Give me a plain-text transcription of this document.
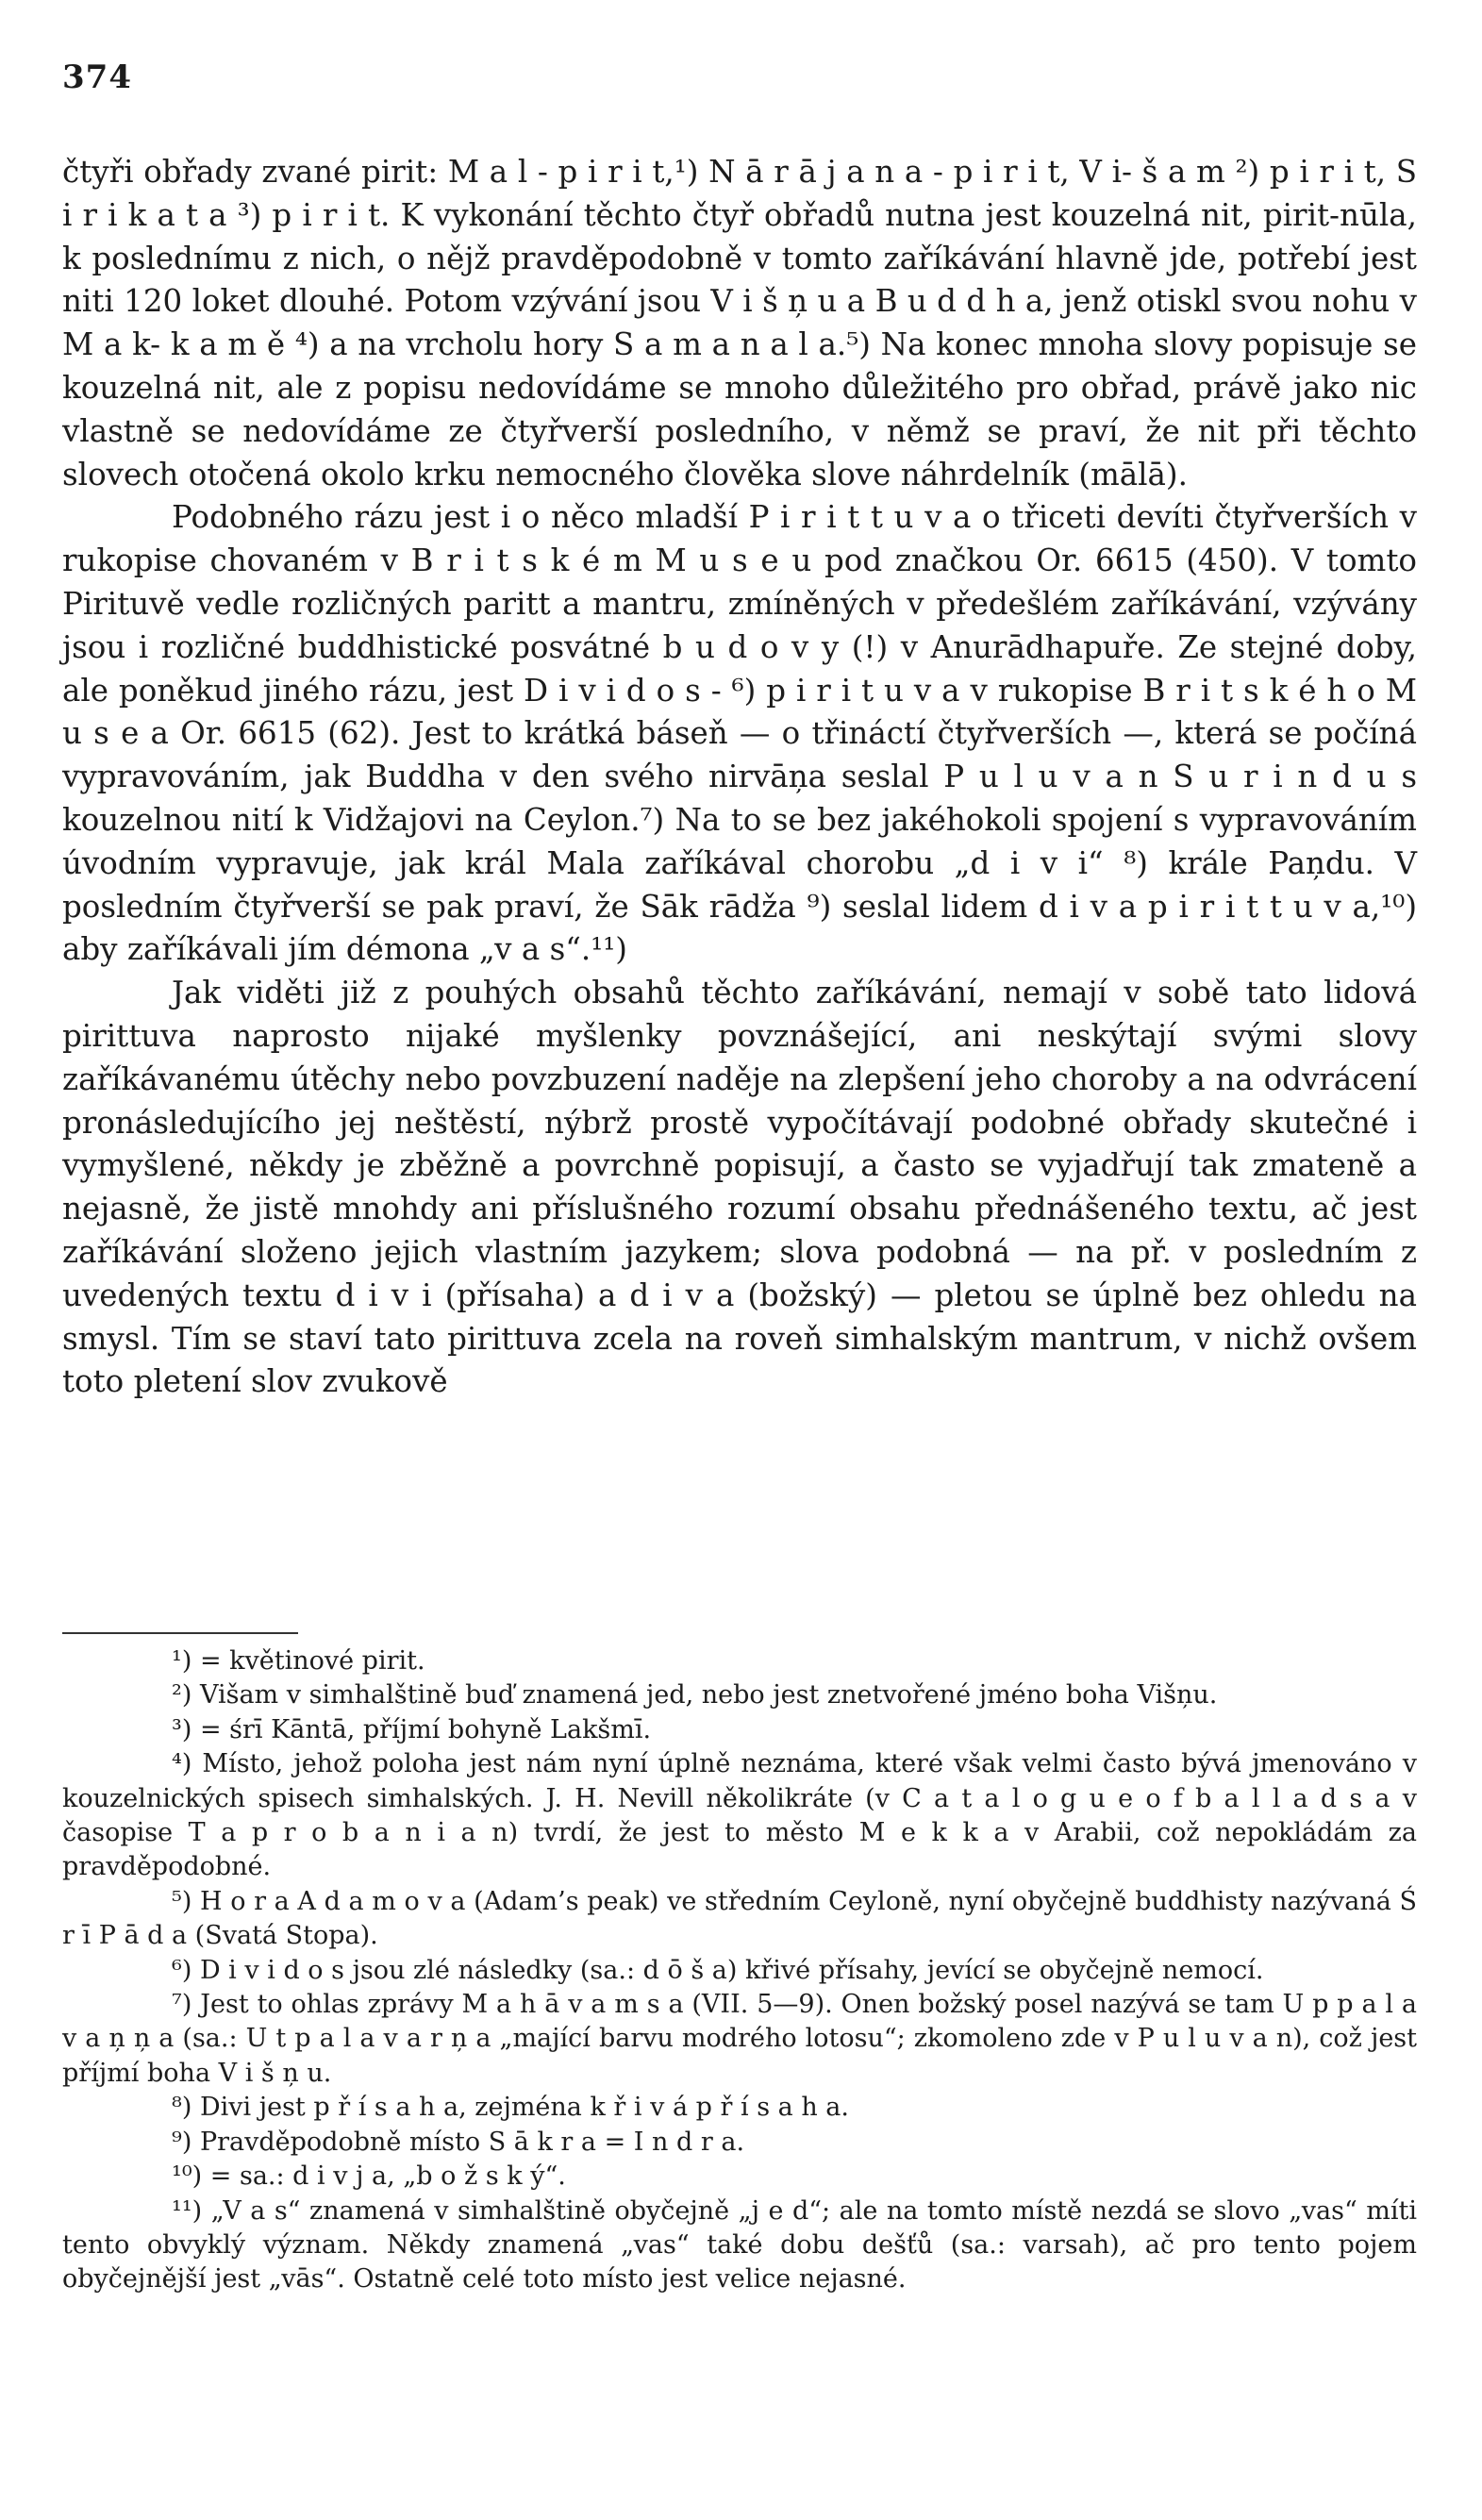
374

čtyři obřady zvané pirit: M a l - p i r i t,¹) N ā r ā j a n a - p i r i t, V i- š a m ²) p i r i t, S i r i k a t a ³) p i r i t. K vykonání těchto čtyř obřadů nutna jest kouzelná nit, pirit-nūla, k poslednímu z nich, o nějž pravděpodobně v tomto zaříkávání hlavně jde, potřebí jest niti 120 loket dlouhé. Potom vzývání jsou V i š ņ u a B u d d h a, jenž otiskl svou nohu v M a k- k a m ě ⁴) a na vrcholu hory S a m a n a l a.⁵) Na konec mnoha slovy popisuje se kouzelná nit, ale z popisu nedovídáme se mnoho důležitého pro obřad, právě jako nic vlastně se nedovídáme ze čtyřverší posledního, v němž se praví, že nit při těchto slovech otočená okolo krku nemocného člověka slove náhrdelník (mālā).

Podobného rázu jest i o něco mladší P i r i t t u v a o třiceti devíti čtyřverších v rukopise chovaném v B r i t s k é m M u s e u pod značkou Or. 6615 (450). V tomto Pirituvě vedle rozličných paritt a mantru, zmíněných v předešlém zaříkávání, vzývány jsou i rozličné buddhistické posvátné b u d o v y (!) v Anurādhapuře. Ze stejné doby, ale poněkud jiného rázu, jest D i v i d o s - ⁶) p i r i t u v a v rukopise B r i t s k é h o M u s e a Or. 6615 (62). Jest to krátká báseň — o třináctí čtyřverších —, která se počíná vypravováním, jak Buddha v den svého nirvāņa seslal P u l u v a n S u r i n d u s kouzelnou nití k Vidžajovi na Ceylon.⁷) Na to se bez jakéhokoli spojení s vypravováním úvodním vypravuje, jak král Mala zaříkával chorobu „d i v i“ ⁸) krále Paņdu. V posledním čtyřverší se pak praví, že Sāk rādža ⁹) seslal lidem d i v a p i r i t t u v a,¹⁰) aby zaříkávali jím démona „v a s“.¹¹)

Jak viděti již z pouhých obsahů těchto zaříkávání, nemají v sobě tato lidová pirittuva naprosto nijaké myšlenky povznášející, ani neskýtají svými slovy zaříkávanému útěchy nebo povzbuzení naděje na zlepšení jeho choroby a na odvrácení pronásledujícího jej neštěstí, nýbrž prostě vypočítávají podobné obřady skutečné i vymyšlené, někdy je zběžně a povrchně popisují, a často se vyjadřují tak zmateně a nejasně, že jistě mnohdy ani příslušného rozumí obsahu přednášeného textu, ač jest zaříkávání složeno jejich vlastním jazykem; slova podobná — na př. v posledním z uvedených textu d i v i (přísaha) a d i v a (božský) — pletou se úplně bez ohledu na smysl. Tím se staví tato pirittuva zcela na roveň simhalským mantrum, v nichž ovšem toto pletení slov zvukově

¹) = květinové pirit.

²) Višam v simhalštině buď znamená jed, nebo jest znetvořené jméno boha Višņu.

³) = śrī Kāntā, příjmí bohyně Lakšmī.

⁴) Místo, jehož poloha jest nám nyní úplně neznáma, které však velmi často bývá jmenováno v kouzelnických spisech simhalských. J. H. Nevill několikráte (v C a t a l o g u e o f b a l l a d s a v časopise T a p r o b a n i a n) tvrdí, že jest to město M e k k a v Arabii, což nepokládám za pravděpodobné.

⁵) H o r a A d a m o v a (Adam’s peak) ve středním Ceyloně, nyní obyčejně buddhisty nazývaná Ś r ī P ā d a (Svatá Stopa).

⁶) D i v i d o s jsou zlé následky (sa.: d ō š a) křivé přísahy, jevící se obyčejně nemocí.

⁷) Jest to ohlas zprávy M a h ā v a m s a (VII. 5—9). Onen božský posel nazývá se tam U p p a l a v a ņ ņ a (sa.: U t p a l a v a r ņ a „mající barvu modrého lotosu“; zkomoleno zde v P u l u v a n), což jest příjmí boha V i š ņ u.

⁸) Divi jest p ř í s a h a, zejména k ř i v á p ř í s a h a.

⁹) Pravděpodobně místo S ā k r a = I n d r a.

¹⁰) = sa.: d i v j a, „b o ž s k ý“.

¹¹) „V a s“ znamená v simhalštině obyčejně „j e d“; ale na tomto místě nezdá se slovo „vas“ míti tento obvyklý význam. Někdy znamená „vas“ také dobu dešťů (sa.: varsah), ač pro tento pojem obyčejnější jest „vās“. Ostatně celé toto místo jest velice nejasné.
